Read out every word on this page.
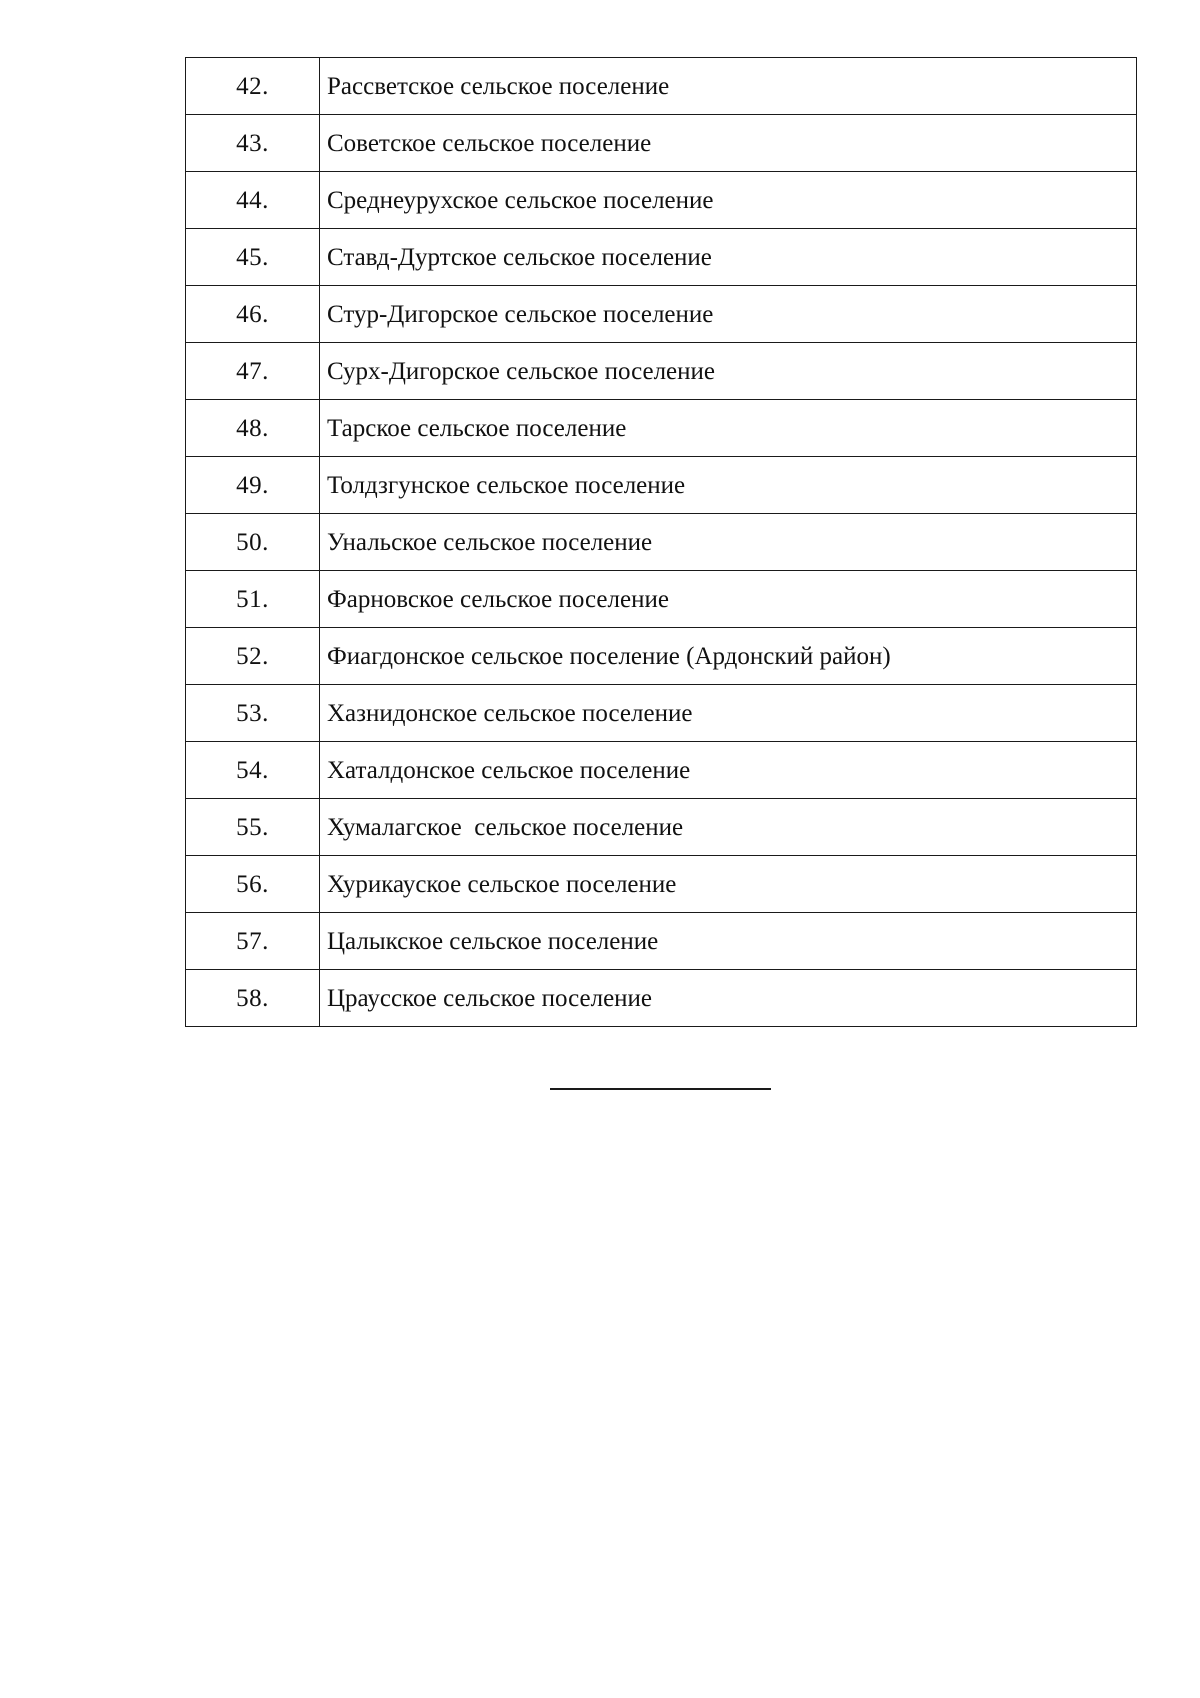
42.	Рассветское сельское поселение
43.	Советское сельское поселение
44.	Среднеурухское сельское поселение
45.	Ставд-Дуртское сельское поселение
46.	Стур-Дигорское сельское поселение
47.	Сурх-Дигорское сельское поселение
48.	Тарское сельское поселение
49.	Толдзгунское сельское поселение
50.	Унальское сельское поселение
51.	Фарновское сельское поселение
52.	Фиагдонское сельское поселение (Ардонский район)
53.	Хазнидонское сельское поселение
54.	Хаталдонское сельское поселение
55.	Хумалагское  сельское поселение
56.	Хурикауское сельское поселение
57.	Цалыкское сельское поселение
58.	Цраусское сельское поселение
